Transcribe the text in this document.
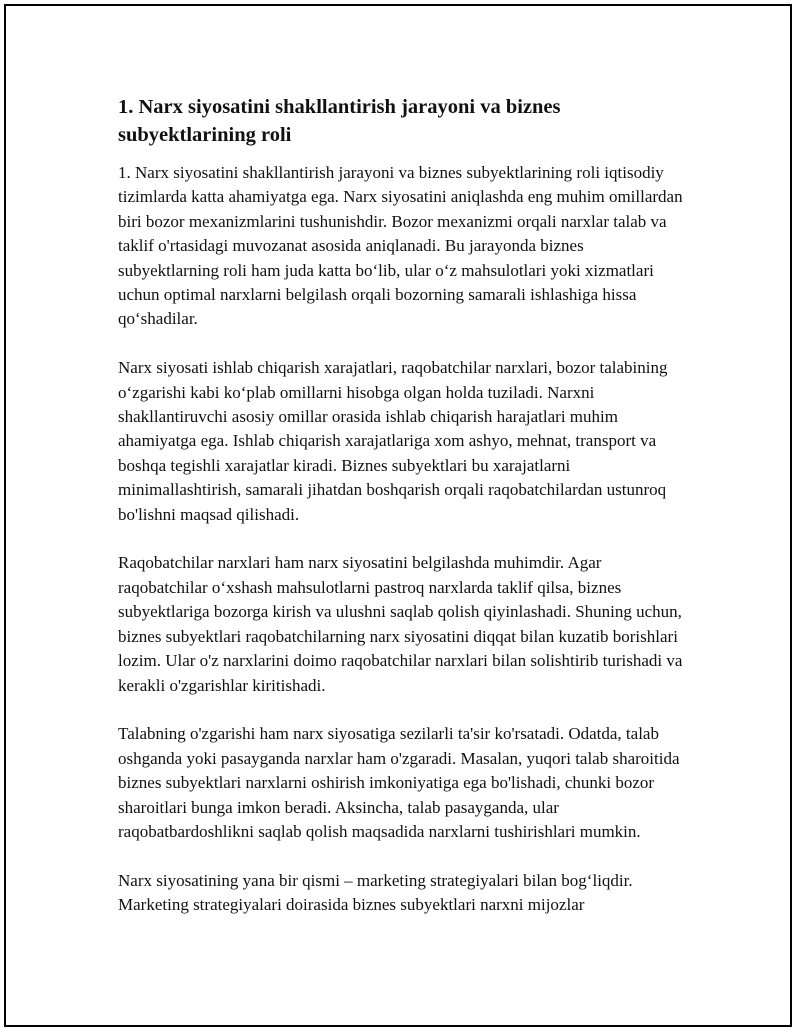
1. Narx siyosatini shakllantirish jarayoni va biznes subyektlarining roli

1. Narx siyosatini shakllantirish jarayoni va biznes subyektlarining roli iqtisodiy tizimlarda katta ahamiyatga ega. Narx siyosatini aniqlashda eng muhim omillardan biri bozor mexanizmlarini tushunishdir. Bozor mexanizmi orqali narxlar talab va taklif o'rtasidagi muvozanat asosida aniqlanadi. Bu jarayonda biznes subyektlarning roli ham juda katta bo‘lib, ular o‘z mahsulotlari yoki xizmatlari uchun optimal narxlarni belgilash orqali bozorning samarali ishlashiga hissa qo‘shadilar.

Narx siyosati ishlab chiqarish xarajatlari, raqobatchilar narxlari, bozor talabining o‘zgarishi kabi ko‘plab omillarni hisobga olgan holda tuziladi. Narxni shakllantiruvchi asosiy omillar orasida ishlab chiqarish harajatlari muhim ahamiyatga ega. Ishlab chiqarish xarajatlariga xom ashyo, mehnat, transport va boshqa tegishli xarajatlar kiradi. Biznes subyektlari bu xarajatlarni minimallashtirish, samarali jihatdan boshqarish orqali raqobatchilardan ustunroq bo'lishni maqsad qilishadi.

Raqobatchilar narxlari ham narx siyosatini belgilashda muhimdir. Agar raqobatchilar o‘xshash mahsulotlarni pastroq narxlarda taklif qilsa, biznes subyektlariga bozorga kirish va ulushni saqlab qolish qiyinlashadi. Shuning uchun, biznes subyektlari raqobatchilarning narx siyosatini diqqat bilan kuzatib borishlari lozim. Ular o'z narxlarini doimo raqobatchilar narxlari bilan solishtirib turishadi va kerakli o'zgarishlar kiritishadi.

Talabning o'zgarishi ham narx siyosatiga sezilarli ta'sir ko'rsatadi. Odatda, talab oshganda yoki pasayganda narxlar ham o'zgaradi. Masalan, yuqori talab sharoitida biznes subyektlari narxlarni oshirish imkoniyatiga ega bo'lishadi, chunki bozor sharoitlari bunga imkon beradi. Aksincha, talab pasayganda, ular raqobatbardoshlikni saqlab qolish maqsadida narxlarni tushirishlari mumkin.

Narx siyosatining yana bir qismi – marketing strategiyalari bilan bog‘liqdir. Marketing strategiyalari doirasida biznes subyektlari narxni mijozlar
